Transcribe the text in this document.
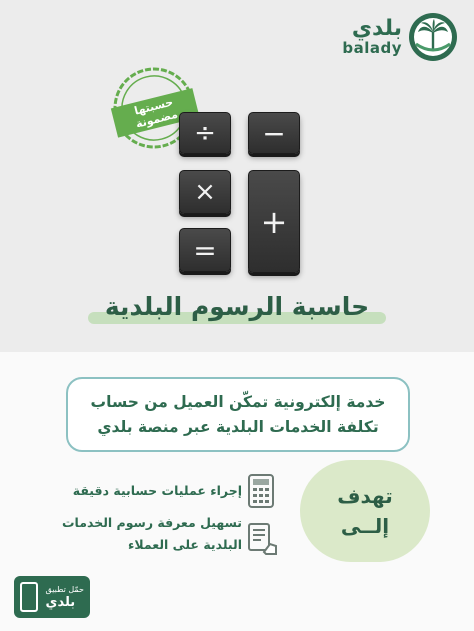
بلدي
balady
حسبتها مضمونة ÷ −
×
+
=
حاسبة الرسوم البلدية
خدمة إلكترونية تمكّن العميل من حساب
تكلفة الخدمات البلدية عبر منصة بلدي
تهدف
إلــى
إجراء عمليات حسابية دقيقة
تسهيل معرفة رسوم الخدمات
البلدية على العملاء
حمّل تطبيق
بلدي
